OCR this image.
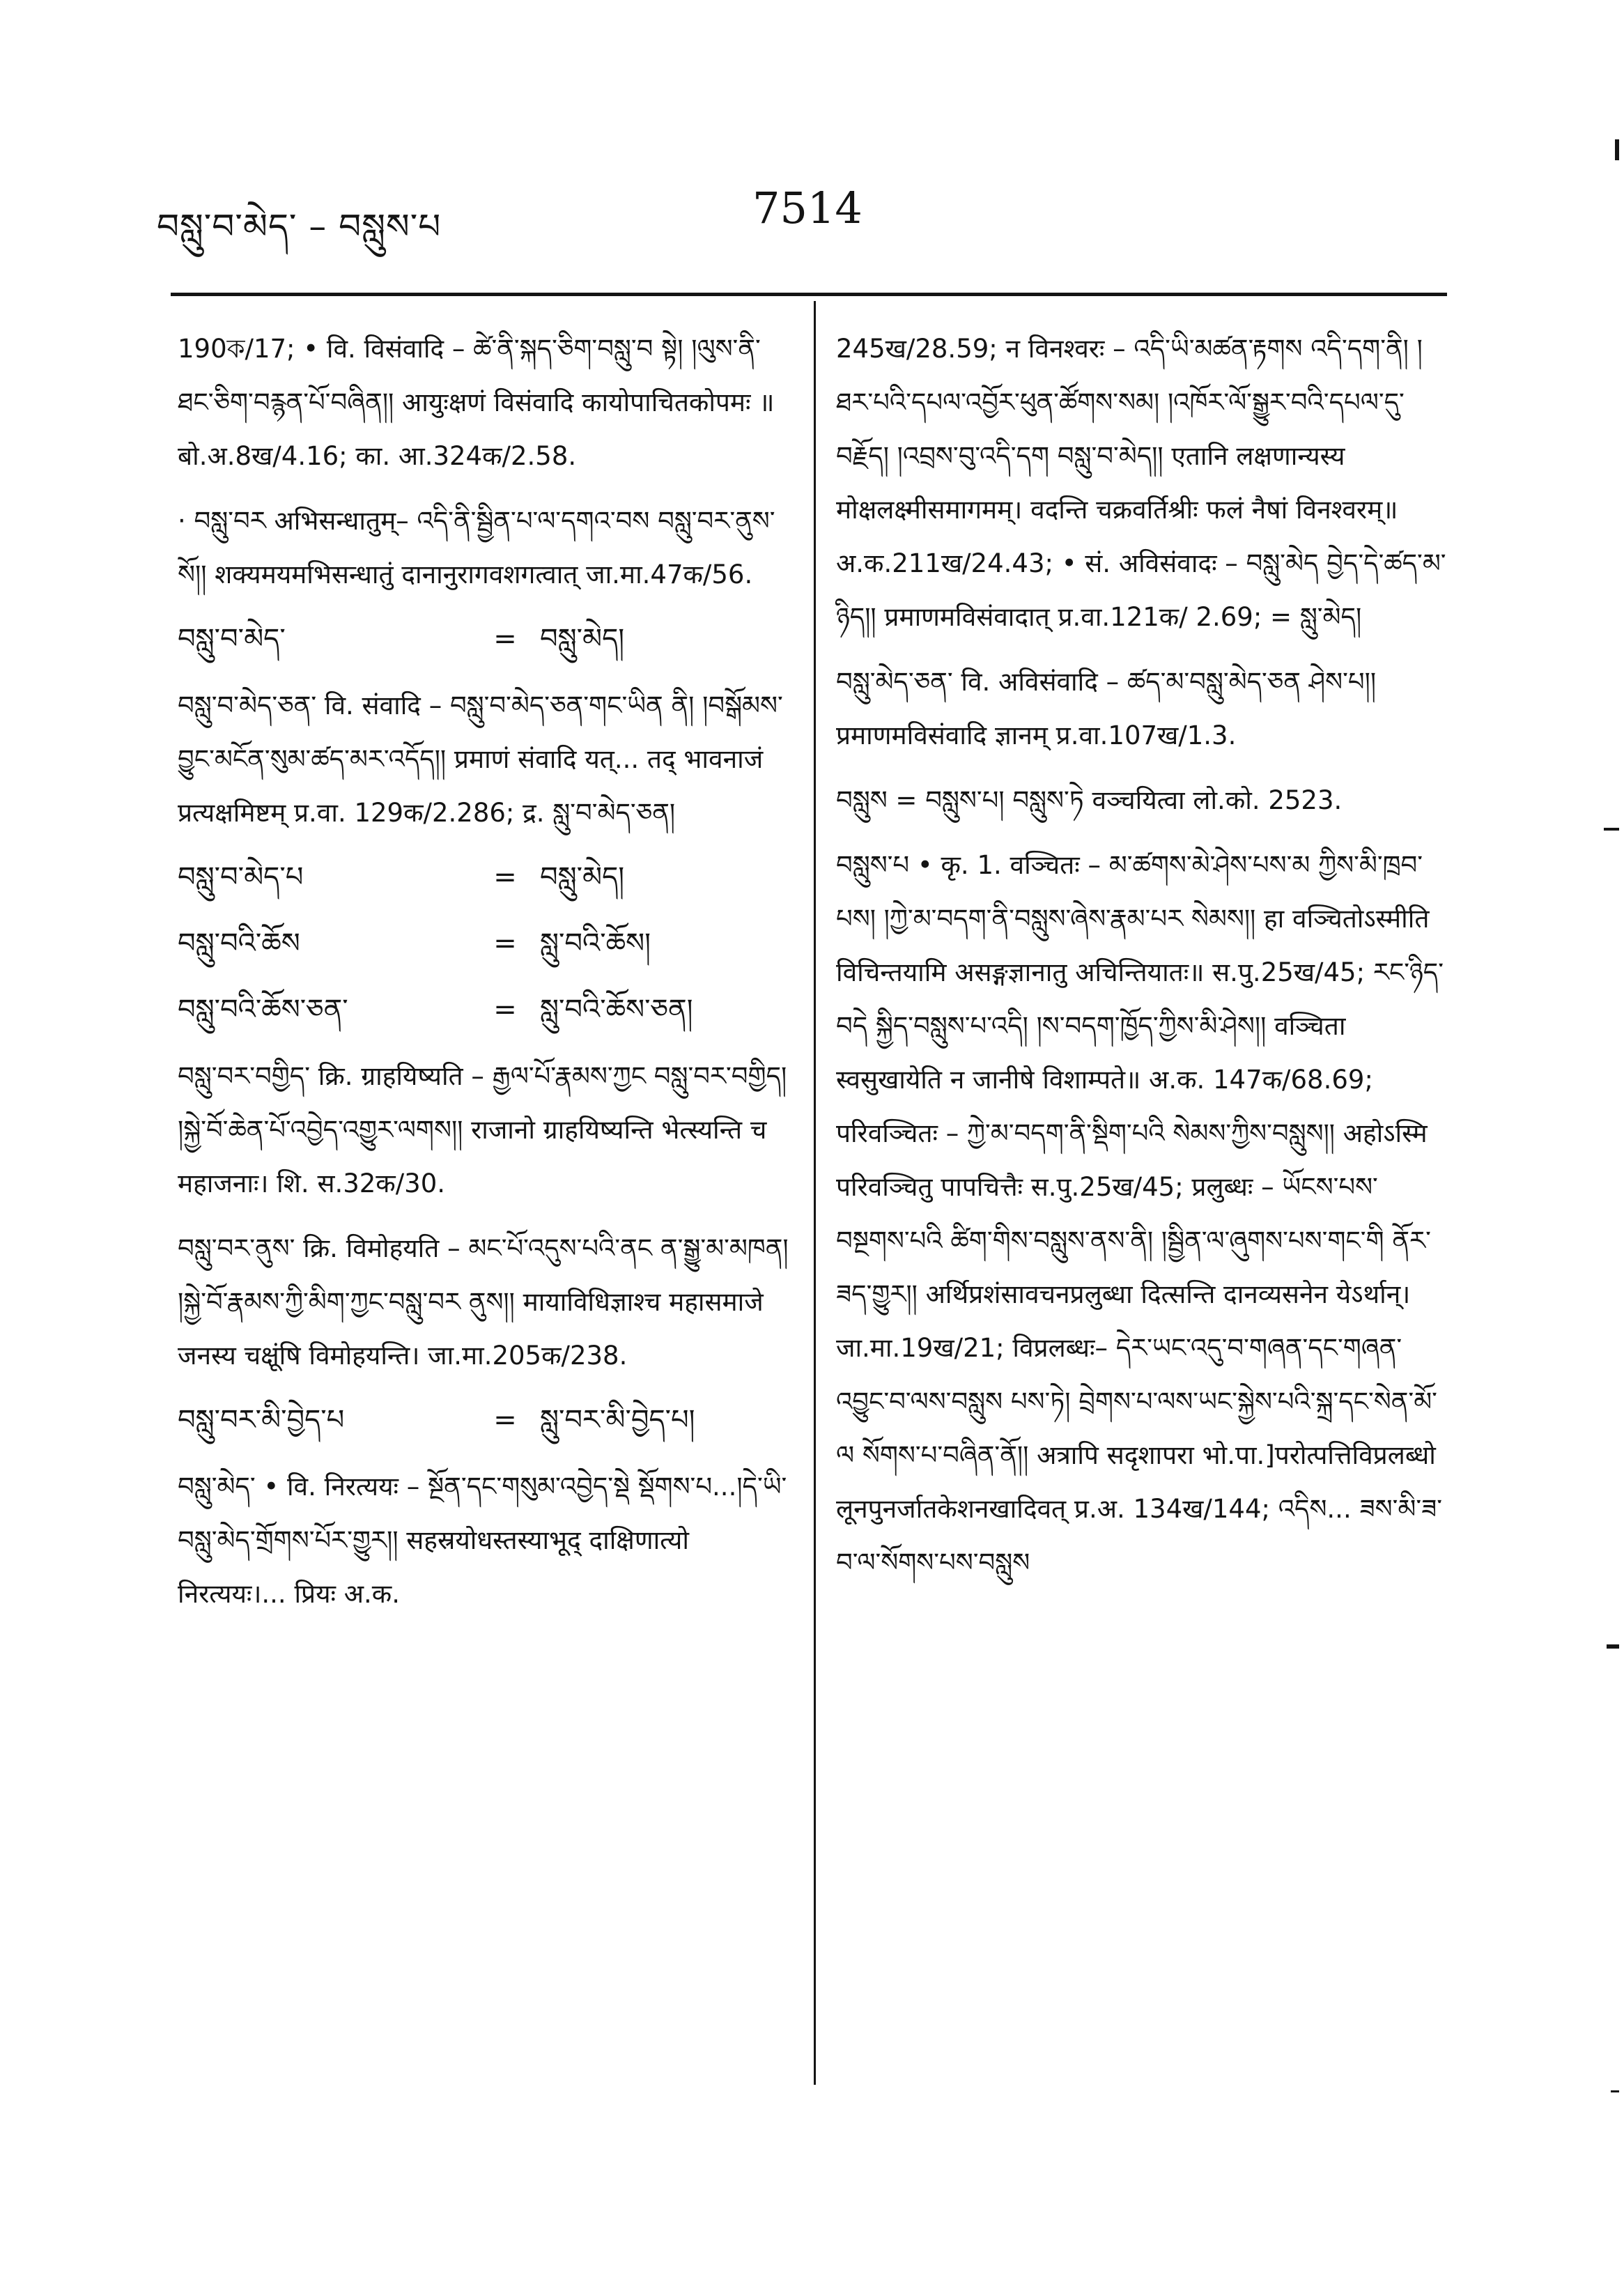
བསླུ་བ་མེད་ – བསླུས་པ	7514

190ক/17; • वि. विसंवादि – ཚེ་ནི་སྐད་ཅིག་བསླུ་བ སྟེ། །ལུས་ནི་ཐང་ཅིག་བརྙན་པོ་བཞིན།། आयुःक्षणं विसंवादि कायोपाचितकोपमः ॥ बो.अ.8ख/4.16; का. आ.324क/2.58.

· བསླུ་བར अभिसन्धातुम्– འདི་ནི་སྦྱིན་པ་ལ་དགའ་བས བསླུ་བར་ནུས་སོ།། शक्यमयमभिसन्धातुं दानानुरागवशगत्वात् जा.मा.47क/56.

བསླུ་བ་མེད་	= བསླུ་མེད།

བསླུ་བ་མེད་ཅན་ वि. संवादि – བསླུ་བ་མེད་ཅན་གང་ཡིན ནི། །བསྒོམས་བྱུང་མངོན་སུམ་ཚད་མར་འདོད།། प्रमाणं संवादि यत्... तद् भावनाजं प्रत्यक्षमिष्टम् प्र.वा. 129क/2.286; द्र. སླུ་བ་མེད་ཅན།

བསླུ་བ་མེད་པ	= བསླུ་མེད།
བསླུ་བའི་ཆོས	= སླུ་བའི་ཆོས།
བསླུ་བའི་ཆོས་ཅན་	= སླུ་བའི་ཆོས་ཅན།

བསླུ་བར་བགྱིད་ क्रि. ग्राहयिष्यति – རྒྱལ་པོ་རྣམས་ཀྱང བསླུ་བར་བགྱིད། །སྐྱེ་བོ་ཆེན་པོ་འབྱེད་འགྱུར་ལགས།། राजानो ग्राहयिष्यन्ति भेत्स्यन्ति च महाजनाः। शि. स.32क/30.

བསླུ་བར་ནུས་ क्रि. विमोहयति – མང་པོ་འདུས་པའི་ནང ན་སྒྱུ་མ་མཁན། །སྐྱེ་བོ་རྣམས་ཀྱི་མིག་ཀྱང་བསླུ་བར ནུས།། मायाविधिज्ञाश्च महासमाजे जनस्य चक्षूंषि विमोहयन्ति। जा.मा.205क/238.

བསླུ་བར་མི་བྱེད་པ	= སླུ་བར་མི་བྱེད་པ།

བསླུ་མེད་ • वि. निरत्ययः – སྔོན་དང་གསུམ་འབྱེད་སྡེ སྡོགས་པ...།དེ་ཡི་བསླུ་མེད་གྲོགས་པོར་གྱུར།། सहस्रयोधस्तस्याभूद् दाक्षिणात्यो निरत्ययः।... प्रियः अ.क.

245ख/28.59; न विनश्वरः – འདི་ཡི་མཚན་རྟགས འདི་དག་ནི། །ཐར་པའི་དཔལ་འབྱོར་ཕུན་ཚོགས་སམ། །འཁོར་ལོ་སྒྱུར་བའི་དཔལ་དུ་བརྗོད། །འབྲས་བུ་འདི་དག བསླུ་བ་མེད།། एतानि लक्षणान्यस्य मोक्षलक्ष्मीसमागमम्। वदन्ति चक्रवर्तिश्रीः फलं नैषां विनश्वरम्॥ अ.क.211ख/24.43; • सं. अविसंवादः – བསླུ་མེད བྱེད་དེ་ཚད་མ་ཉིད།། प्रमाणमविसंवादात् प्र.वा.121क/ 2.69; = སླུ་མེད།

བསླུ་མེད་ཅན་ वि. अविसंवादि – ཚད་མ་བསླུ་མེད་ཅན ཤེས་པ།། प्रमाणमविसंवादि ज्ञानम् प्र.वा.107ख/1.3.

བསླུས = བསླུས་པ། བསླུས་ཏེ वञ्चयित्वा लो.को. 2523.

བསླུས་པ • कृ. 1. वञ्चितः – མ་ཚགས་མེ་ཤེས་པས་མ ཀྱིས་མི་ཁྲབ་པས། །ཀྱེ་མ་བདག་ནི་བསླུས་ཞེས་རྣམ་པར སེམས།། हा वञ्चितोऽस्मीति विचिन्तयामि असङ्गज्ञानातु अचिन्तियातः॥ स.पु.25ख/45; རང་ཉིད་བདེ སྐྱིད་བསླུས་པ་འདི། །ས་བདག་ཁྱོད་ཀྱིས་མི་ཤེས།། वञ्चिता स्वसुखायेति न जानीषे विशाम्पते॥ अ.क. 147क/68.69; परिवञ्चितः – ཀྱེ་མ་བདག་ནི་སྡིག་པའི སེམས་ཀྱིས་བསླུས།། अहोऽस्मि परिवञ्चितु पापचित्तैः स.पु.25ख/45; प्रलुब्धः – ཡོངས་པས་བསྔགས་པའི ཚིག་གིས་བསླུས་ནས་ནི། །སྦྱིན་ལ་ཞུགས་པས་གང་གི ནོར་ཟད་གྱུར།། अर्थिप्रशंसावचनप्रलुब्धा दित्सन्ति दानव्यसनेन येऽर्थान्। जा.मा.19ख/21; विप्रलब्धः– དེར་ཡང་འདུ་བ་གཞན་དང་གཞན་འབྱུང་བ་ལས་བསླུས པས་ཏེ། བྲེགས་པ་ལས་ཡང་སྐྱེས་པའི་སྐྲ་དང་སེན་མོ་ལ སོགས་པ་བཞིན་ནོ།། अत्रापि सदृशापरा भो.पा.]परोत्पत्तिविप्रलब्धो लूनपुनर्जातकेशनखादिवत् प्र.अ. 134ख/144; འདིས... ཟས་མི་ཟ་བ་ལ་སོགས་པས་བསླུས
